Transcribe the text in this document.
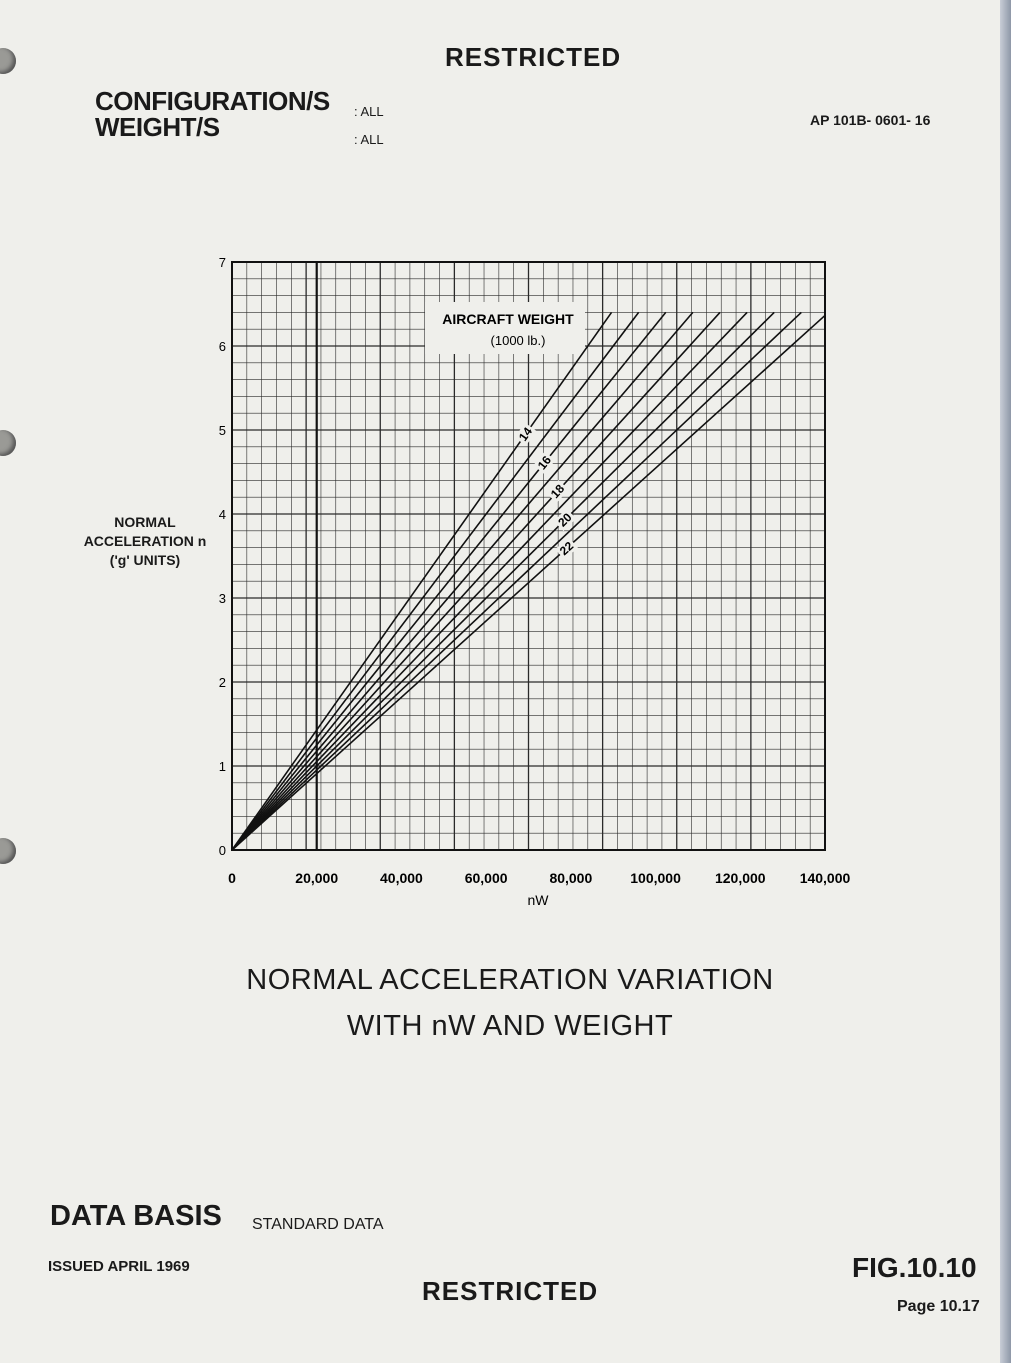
RESTRICTED
CONFIGURATION/S : ALL
WEIGHT/S	: ALL
AP 101B- 0601- 16
NORMAL
ACCELERATION n
('g' UNITS)
AIRCRAFT WEIGHT
(1000 lb.)
14
16
18
20
22
0	20,000	40,000	60,000	80,000	100,000 120,000 140,000
0
1
2
3
4
5
6
7
nW
NORMAL ACCELERATION VARIATION
WITH nW AND WEIGHT
DATA BASIS STANDARD DATA
ISSUED APRIL 1969
RESTRICTED
FIG.10.10
Page 10.17
